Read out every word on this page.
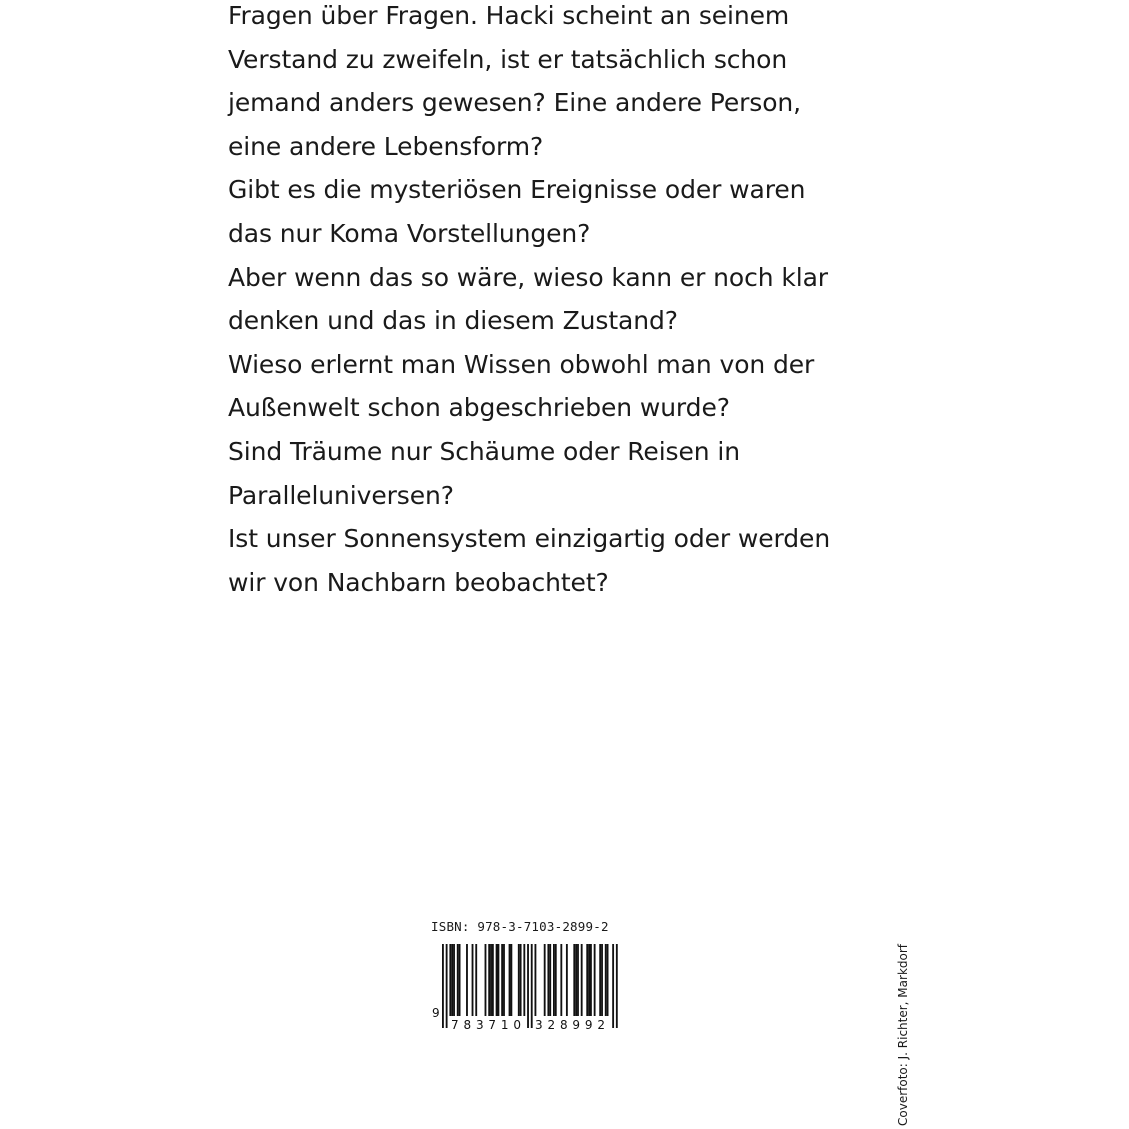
Fragen über Fragen. Hacki scheint an seinem
Verstand zu zweifeln, ist er tatsächlich schon
jemand anders gewesen? Eine andere Person,
eine andere Lebensform?
Gibt es die mysteriösen Ereignisse oder waren
das nur Koma Vorstellungen?
Aber wenn das so wäre, wieso kann er noch klar
denken und das in diesem Zustand?
Wieso erlernt man Wissen obwohl man von der
Außenwelt schon abgeschrieben wurde?
Sind Träume nur Schäume oder Reisen in
Paralleluniversen?
Ist unser Sonnensystem einzigartig oder werden
wir von Nachbarn beobachtet?
ISBN: 978-3-7103-2899-2
9
783710 328992	Coverfoto: J. Richter, Markdorf
